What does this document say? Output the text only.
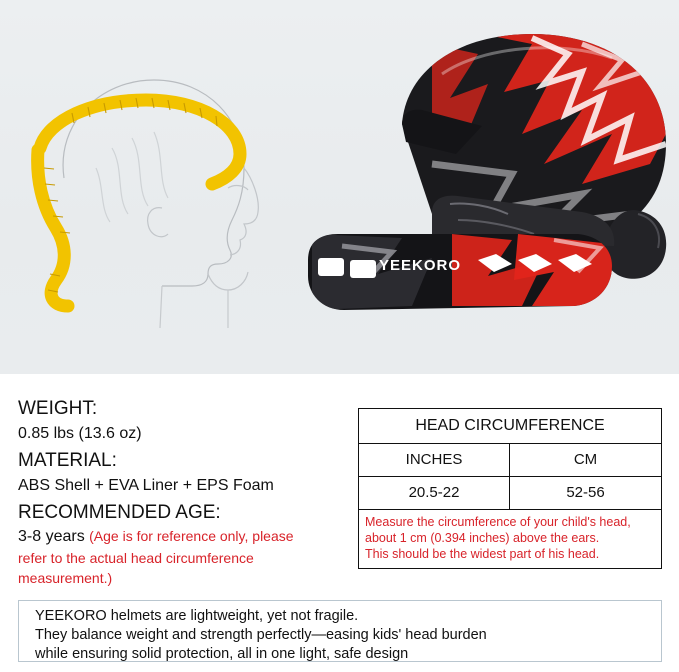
YEEKORO
WEIGHT:
0.85 lbs (13.6 oz)
MATERIAL:
ABS Shell + EVA Liner + EPS Foam
RECOMMENDED AGE:
3-8 years (Age is for reference only, please
refer to the actual head circumference
measurement.)
HEAD CIRCUMFERENCE
INCHES	CM
20.5-22	52-56
Measure the circumference of your child's head,
about 1 cm (0.394 inches) above the ears.
This should be the widest part of his head.
YEEKORO helmets are lightweight, yet not fragile.
They balance weight and strength perfectly—easing kids' head burden
while ensuring solid protection, all in one light, safe design
